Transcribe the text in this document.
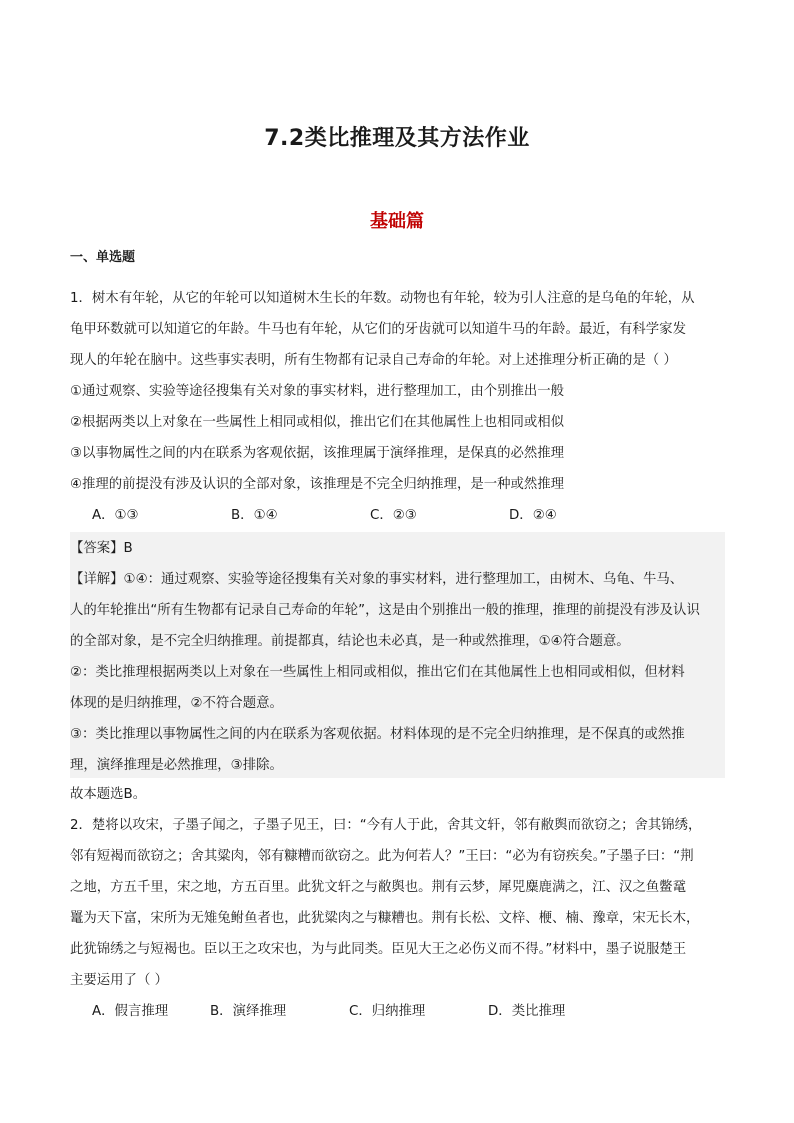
7.2类比推理及其方法作业
基础篇
一、单选题
1．树木有年轮，从它的年轮可以知道树木生长的年数。动物也有年轮，较为引人注意的是乌龟的年轮，从
龟甲环数就可以知道它的年龄。牛马也有年轮，从它们的牙齿就可以知道牛马的年龄。最近，有科学家发
现人的年轮在脑中。这些事实表明，所有生物都有记录自己寿命的年轮。对上述推理分析正确的是（ ）
①通过观察、实验等途径搜集有关对象的事实材料，进行整理加工，由个别推出一般
②根据两类以上对象在一些属性上相同或相似，推出它们在其他属性上也相同或相似
③以事物属性之间的内在联系为客观依据，该推理属于演绎推理，是保真的必然推理
④推理的前提没有涉及认识的全部对象，该推理是不完全归纳推理，是一种或然推理
A．①③	B．①④	C．②③	D．②④
【答案】B
【详解】①④：通过观察、实验等途径搜集有关对象的事实材料，进行整理加工，由树木、乌龟、牛马、
人的年轮推出“所有生物都有记录自己寿命的年轮”，这是由个别推出一般的推理，推理的前提没有涉及认识
的全部对象，是不完全归纳推理。前提都真，结论也未必真，是一种或然推理，①④符合题意。
②：类比推理根据两类以上对象在一些属性上相同或相似，推出它们在其他属性上也相同或相似，但材料
体现的是归纳推理，②不符合题意。
③：类比推理以事物属性之间的内在联系为客观依据。材料体现的是不完全归纳推理，是不保真的或然推
理，演绎推理是必然推理，③排除。
故本题选B。
2．楚将以攻宋，子墨子闻之，子墨子见王，曰：“今有人于此，舍其文轩，邻有敝舆而欲窃之；舍其锦绣，
邻有短褐而欲窃之；舍其粱肉，邻有糠糟而欲窃之。此为何若人？”王曰：“必为有窃疾矣。”子墨子曰：“荆
之地，方五千里，宋之地，方五百里。此犹文轩之与敝舆也。荆有云梦，犀兕麋鹿满之，江、汉之鱼鳖鼋
鼍为天下富，宋所为无雉兔鲋鱼者也，此犹粱肉之与糠糟也。荆有长松、文梓、楩、楠、豫章，宋无长木，
此犹锦绣之与短褐也。臣以王之攻宋也，为与此同类。臣见大王之必伤义而不得。”材料中，墨子说服楚王
主要运用了（ ）
A．假言推理	B．演绎推理	C．归纳推理	D．类比推理
